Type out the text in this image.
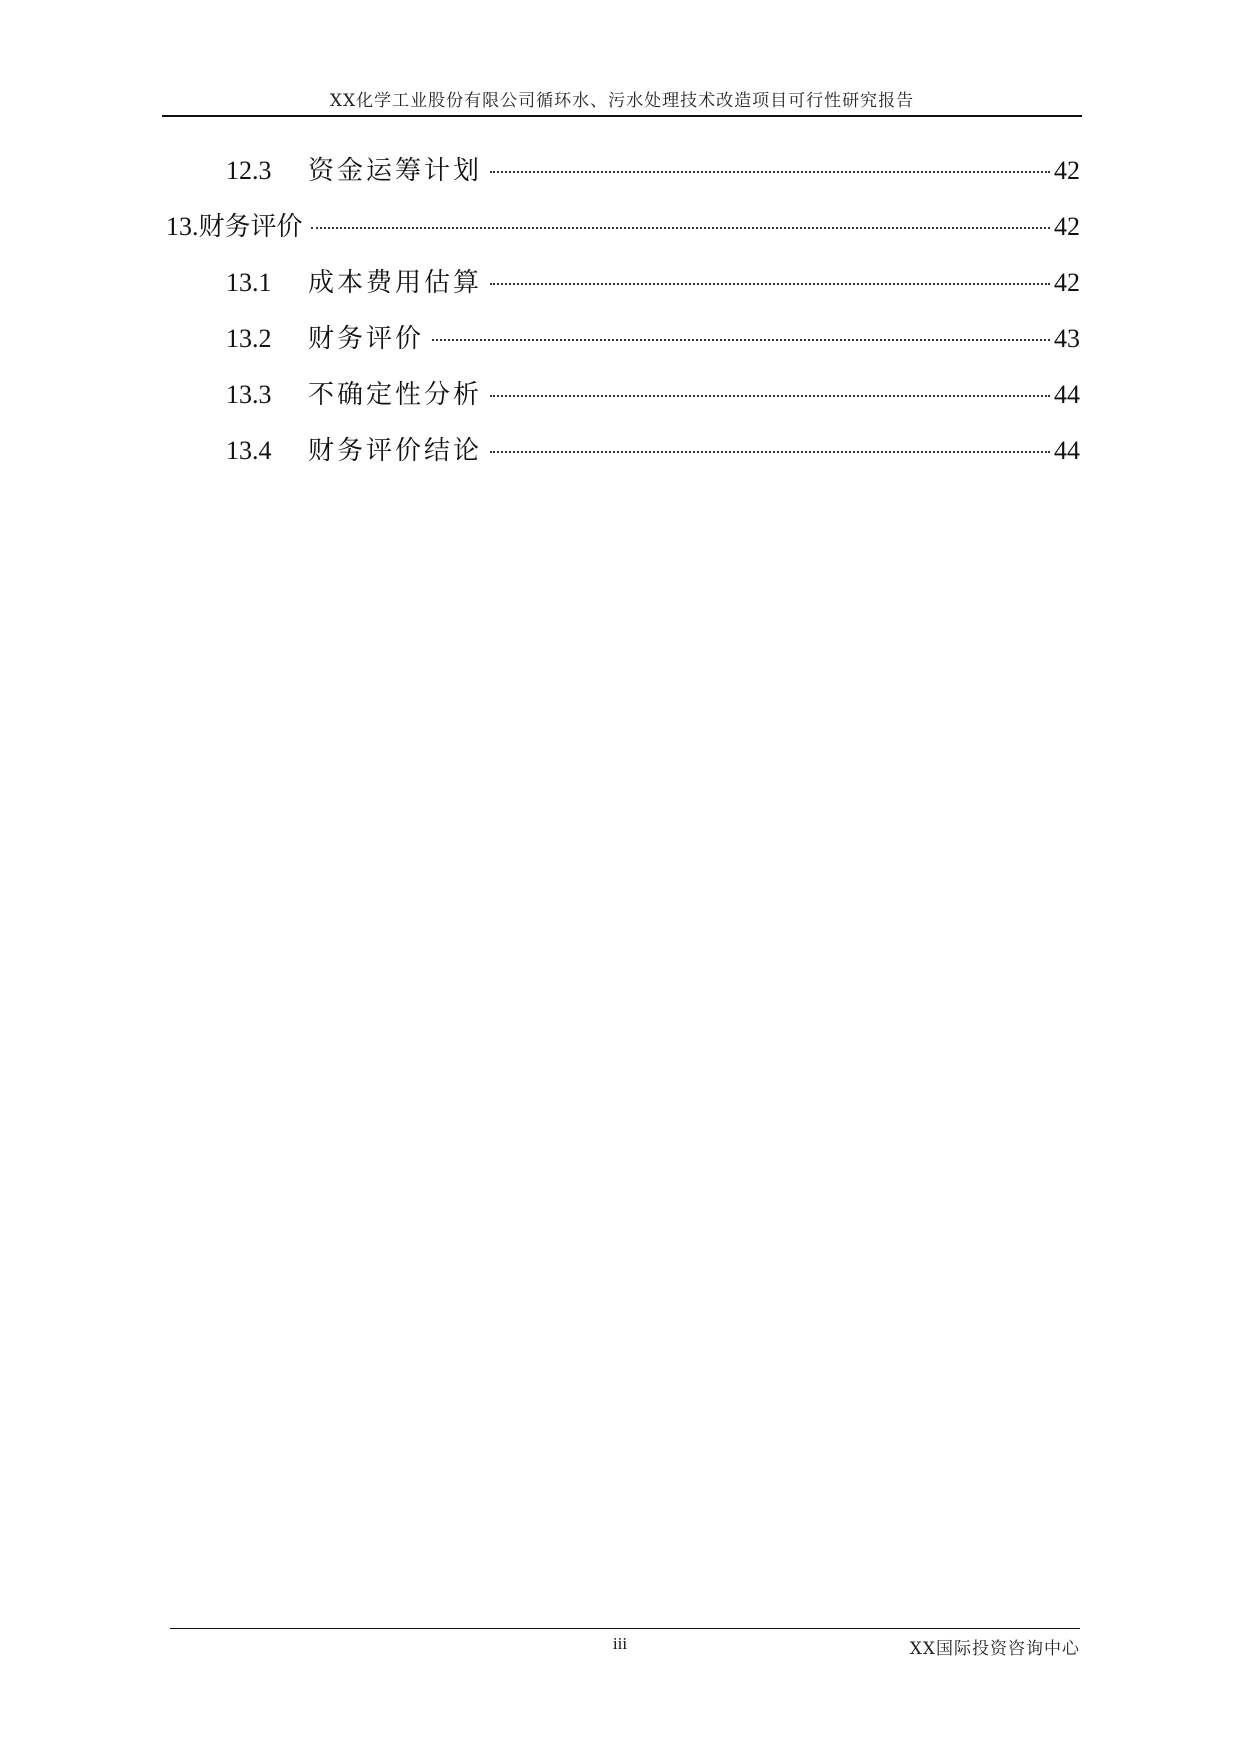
XX化学工业股份有限公司循环水、污水处理技术改造项目可行性研究报告
12.3	资金运筹计划	42
13. 财务评价	42
13.1	成本费用估算	42
13.2	财务评价	43
13.3	不确定性分析	44
13.4	财务评价结论	44
iii	XX国际投资咨询中心
